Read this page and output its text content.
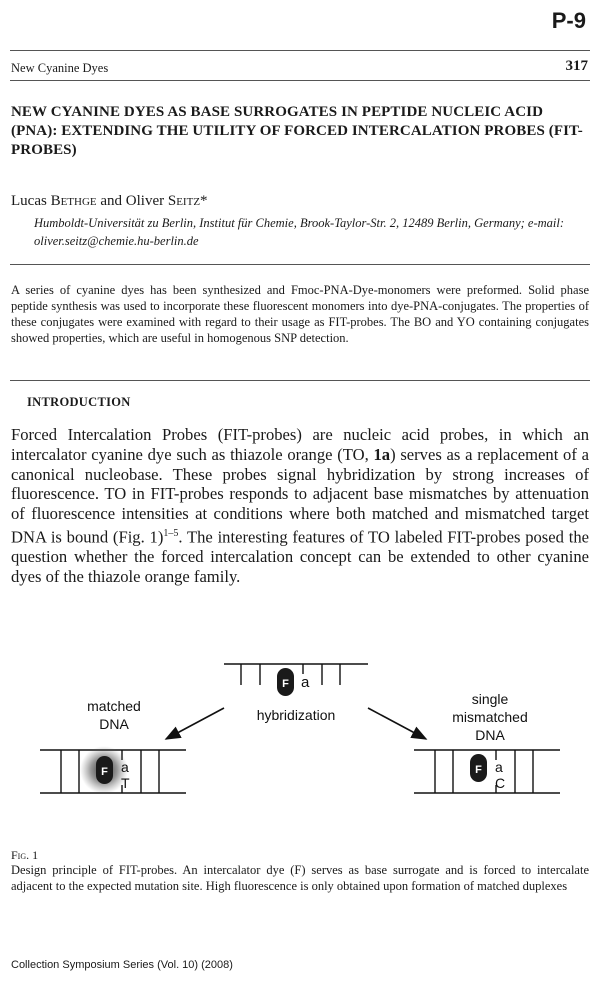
P-9
New Cyanine Dyes	317
NEW CYANINE DYES AS BASE SURROGATES IN PEPTIDE NUCLEIC ACID (PNA): EXTENDING THE UTILITY OF FORCED INTERCALATION PROBES (FIT-PROBES)
Lucas Bethge and Oliver Seitz*
Humboldt-Universität zu Berlin, Institut für Chemie, Brook-Taylor-Str. 2, 12489 Berlin, Germany; e-mail: oliver.seitz@chemie.hu-berlin.de
A series of cyanine dyes has been synthesized and Fmoc-PNA-Dye-monomers were preformed. Solid phase peptide synthesis was used to incorporate these fluorescent monomers into dye-PNA-conjugates. The properties of these conjugates were examined with regard to their usage as FIT-probes. The BO and YO containing conjugates showed properties, which are useful in homogenous SNP detection.
INTRODUCTION
Forced Intercalation Probes (FIT-probes) are nucleic acid probes, in which an intercalator cyanine dye such as thiazole orange (TO, 1a) serves as a replacement of a canonical nucleobase. These probes signal hybridization by strong increases of fluorescence. TO in FIT-probes responds to adjacent base mismatches by attenuation of fluorescence intensities at conditions where both matched and mismatched target DNA is bound (Fig. 1)$^{1-5}$. The interesting features of TO labeled FIT-probes posed the question whether the forced intercalation concept can be extended to other cyanine dyes of the thiazole orange family.
F a
hybridization
matched
DNA
single
mismatched
DNA
F a
T
F a
C
Fig. 1
Design principle of FIT-probes. An intercalator dye (F) serves as base surrogate and is forced to intercalate adjacent to the expected mutation site. High fluorescence is only obtained upon formation of matched duplexes
Collection Symposium Series (Vol. 10) (2008)
